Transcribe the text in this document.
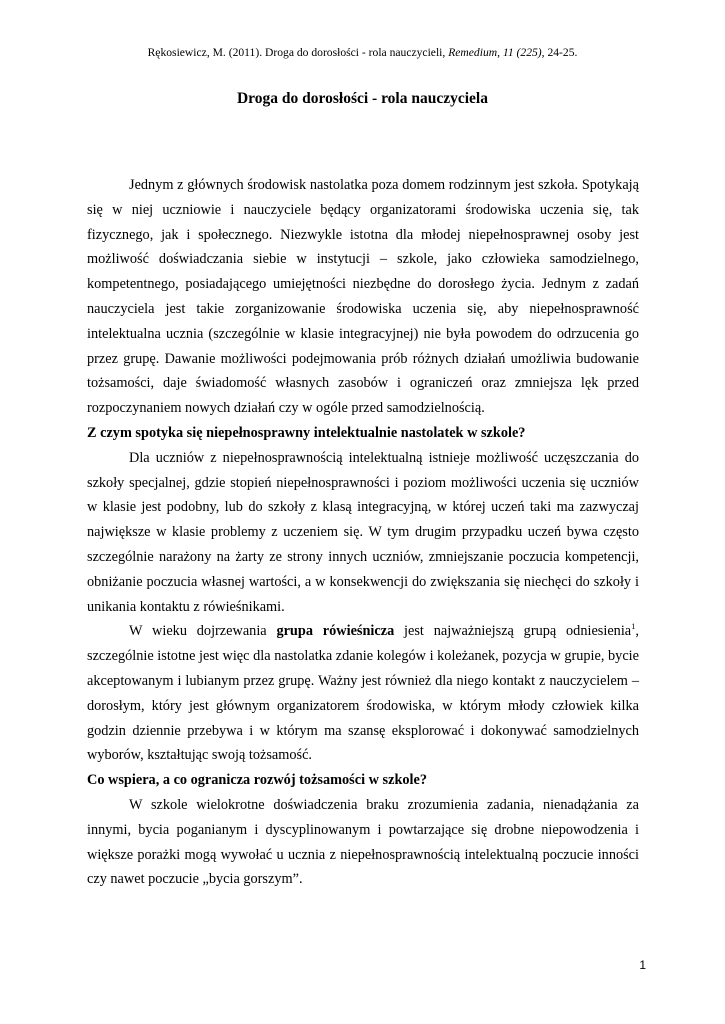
Rękosiewicz, M. (2011). Droga do dorosłości - rola nauczycieli, Remedium, 11 (225), 24-25.
Droga do dorosłości - rola nauczyciela

Jednym z głównych środowisk nastolatka poza domem rodzinnym jest szkoła. Spotykają się w niej uczniowie i nauczyciele będący organizatorami środowiska uczenia się, tak fizycznego, jak i społecznego. Niezwykle istotna dla młodej niepełnosprawnej osoby jest możliwość doświadczania siebie w instytucji – szkole, jako człowieka samodzielnego, kompetentnego, posiadającego umiejętności niezbędne do dorosłego życia. Jednym z zadań nauczyciela jest takie zorganizowanie środowiska uczenia się, aby niepełnosprawność intelektualna ucznia (szczególnie w klasie integracyjnej) nie była powodem do odrzucenia go przez grupę. Dawanie możliwości podejmowania prób różnych działań umożliwia budowanie tożsamości, daje świadomość własnych zasobów i ograniczeń oraz zmniejsza lęk przed rozpoczynaniem nowych działań czy w ogóle przed samodzielnością.

Z czym spotyka się niepełnosprawny intelektualnie nastolatek w szkole?

Dla uczniów z niepełnosprawnością intelektualną istnieje możliwość uczęszczania do szkoły specjalnej, gdzie stopień niepełnosprawności i poziom możliwości uczenia się uczniów w klasie jest podobny, lub do szkoły z klasą integracyjną, w której uczeń taki ma zazwyczaj największe w klasie problemy z uczeniem się. W tym drugim przypadku uczeń bywa często szczególnie narażony na żarty ze strony innych uczniów, zmniejszanie poczucia kompetencji, obniżanie poczucia własnej wartości, a w konsekwencji do zwiększania się niechęci do szkoły i unikania kontaktu z rówieśnikami.

W wieku dojrzewania grupa rówieśnicza jest najważniejszą grupą odniesienia$^1$, szczególnie istotne jest więc dla nastolatka zdanie kolegów i koleżanek, pozycja w grupie, bycie akceptowanym i lubianym przez grupę. Ważny jest również dla niego kontakt z nauczycielem – dorosłym, który jest głównym organizatorem środowiska, w którym młody człowiek kilka godzin dziennie przebywa i w którym ma szansę eksplorować i dokonywać samodzielnych wyborów, kształtując swoją tożsamość.

Co wspiera, a co ogranicza rozwój tożsamości w szkole?

W szkole wielokrotne doświadczenia braku zrozumienia zadania, nienadążania za innymi, bycia poganianym i dyscyplinowanym i powtarzające się drobne niepowodzenia i większe porażki mogą wywołać u ucznia z niepełnosprawnością intelektualną poczucie inności czy nawet poczucie „bycia gorszym”.

1
